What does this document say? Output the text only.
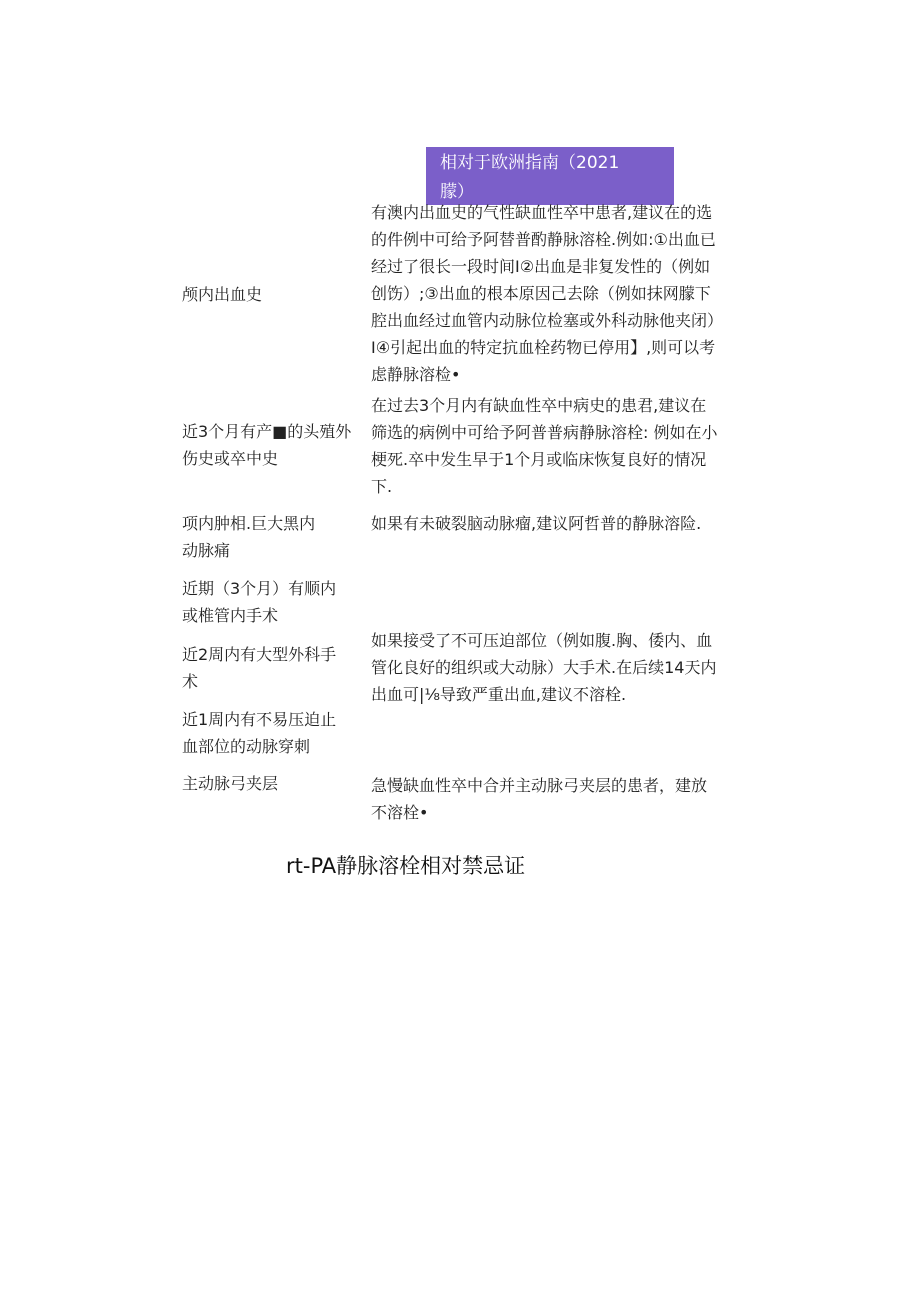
相对于欧洲指南（2021
朦）
颅内出血史
有澳内出血史的气性缺血性卒中患者,建议在的选
的件例中可给予阿替普酌静脉溶栓.例如:①出血已
经过了很长一段时间I②出血是非复发性的（例如
创饬）;③出血的根本原因己去除（例如抹网朦下
腔出血经过血管内动脉位检塞或外科动脉他夹闭）
I④引起出血的特定抗血栓药物已停用】,则可以考
虑静脉溶检•
近3个月有产■的头殖外
伤史或卒中史
在过去3个月内有缺血性卒中病史的患君,建议在
筛选的病例中可给予阿普普病静脉溶栓: 例如在小
梗死.卒中发生早于1个月或临床恢复良好的情况
下.
项内肿相.巨大黑内
动脉痛
如果有未破裂脑动脉瘤,建议阿哲普的静脉溶险.
近期（3个月）有顺内
或椎管内手术
近2周内有大型外科手
术
如果接受了不可压迫部位（例如腹.胸、倭内、血
管化良好的组织或大动脉）大手术.在后续14天内
出血可|⅛导致严重出血,建议不溶栓.
近1周内有不易压迫止
血部位的动脉穿刺
主动脉弓夹层	急慢缺血性卒中合并主动脉弓夹层的患者，建放
不溶栓•
rt-PA静脉溶栓相对禁忌证
